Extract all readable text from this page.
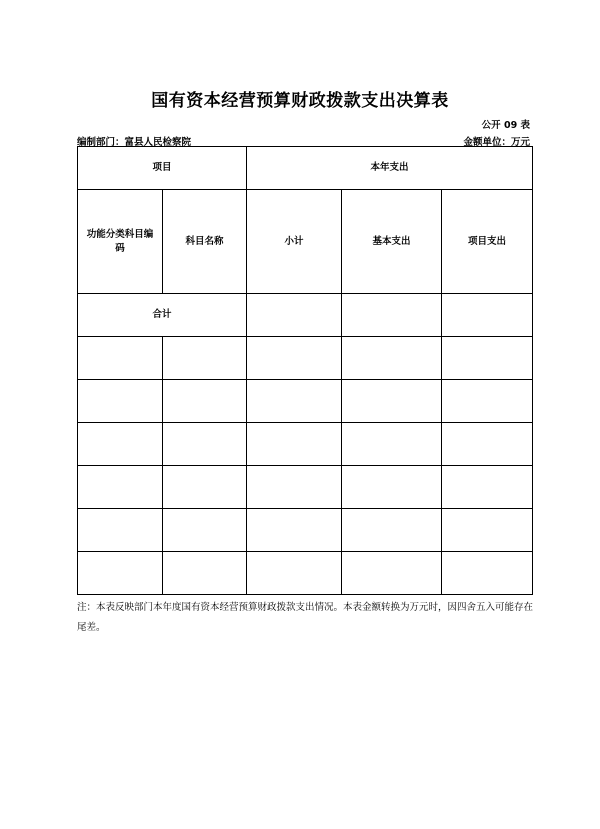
国有资本经营预算财政拨款支出决算表
公开 09 表
编制部门：富县人民检察院	金额单位：万元
项目		本年支出		
功能分类科目编码	科目名称	小计	基本支出	项目支出
合计				

注：本表反映部门本年度国有资本经营预算财政拨款支出情况。本表金额转换为万元时，因四舍五入可能存在尾差。
